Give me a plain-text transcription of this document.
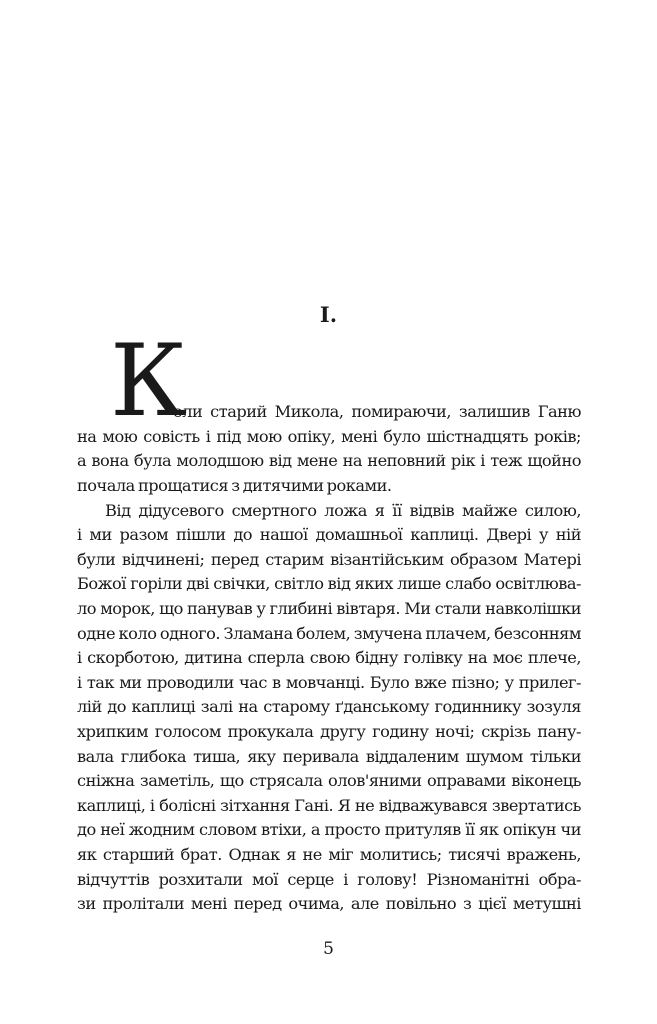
I.
К
оли старий Микола, помираючи, залишив Ганю
на мою совість і під мою опіку, мені було шістнадцять років;
а вона була молодшою від мене на неповний рік і теж щойно
почала прощатися з дитячими роками.
Від дідусевого смертного ложа я її відвів майже силою,
і ми разом пішли до нашої домашньої каплиці. Двері у ній
були відчинені; перед старим візантійським образом Матері
Божої горіли дві свічки, світло від яких лише слабо освітлюва-
ло морок, що панував у глибині вівтаря. Ми стали навколішки
одне коло одного. Зламана болем, змучена плачем, безсонням
і скорботою, дитина сперла свою бідну голівку на моє плече,
і так ми проводили час в мовчанці. Було вже пізно; у прилег-
лій до каплиці залі на старому ґданському годиннику зозуля
хрипким голосом прокукала другу годину ночі; скрізь пану-
вала глибока тиша, яку перивала віддаленим шумом тільки
сніжна заметіль, що стрясала олов'яними оправами віконець
каплиці, і болісні зітхання Гані. Я не відважувався звертатись
до неї жодним словом втіхи, а просто притуляв її як опікун чи
як старший брат. Однак я не міг молитись; тисячі вражень,
відчуттів розхитали мої серце і голову! Різноманітні обра-
зи пролітали мені перед очима, але повільно з цієї метушні
5
